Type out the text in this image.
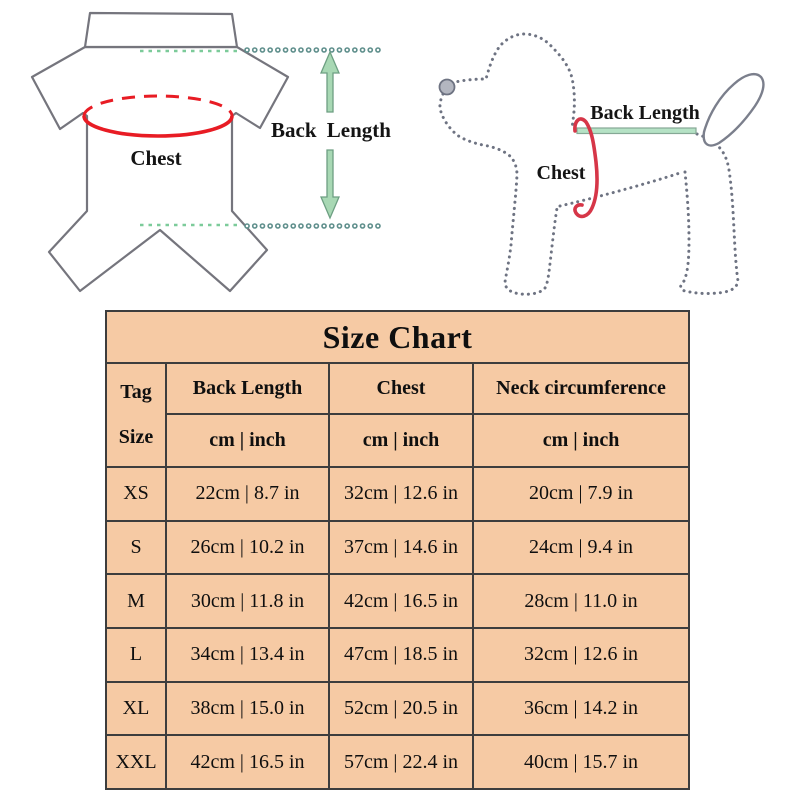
Chest
Back Length
Back Length
Chest
Size Chart			

Tag
Size	Back Length	Chest	Neck circumference
	cm | inch	cm | inch	cm | inch
XS	22cm | 8.7 in	32cm | 12.6 in	20cm | 7.9 in
S	26cm | 10.2 in	37cm | 14.6 in	24cm | 9.4 in
M	30cm | 11.8 in	42cm | 16.5 in	28cm | 11.0 in
L	34cm | 13.4 in	47cm | 18.5 in	32cm | 12.6 in
XL	38cm | 15.0 in	52cm | 20.5 in	36cm | 14.2 in
XXL	42cm | 16.5 in	57cm | 22.4 in	40cm | 15.7 in
